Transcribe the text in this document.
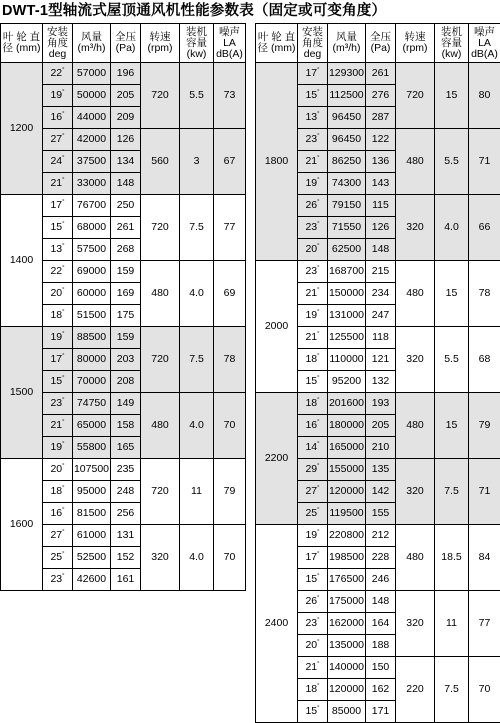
DWT-1型轴流式屋顶通风机性能参数表（固定或可变角度）
叶 轮 直 径 (mm)	安装 角度 deg	风量 (m³/h)	全压 (Pa)	转速 (rpm)	装机 容量 (kw)	噪声 LA dB(A)
1200	22°	57000	196	720	5.5	73
	19°	50000	205			
	16°	44000	209			
	27°	42000	126	560	3	67
	24°	37500	134			
	21°	33000	148			
1400	17°	76700	250	720	7.5	77
	15°	68000	261			
	13°	57500	268			
	22°	69000	159	480	4.0	69
	20°	60000	169			
	18°	51500	175			
1500	19°	88500	159	720	7.5	78
	17°	80000	203			
	15°	70000	208			
	23°	74750	149	480	4.0	70
	21°	65000	158			
	19°	55800	165			
1600	20°	107500	235	720	11	79
	18°	95000	248			
	16°	81500	256			
	27°	61000	131	320	4.0	70
	25°	52500	152			
	23°	42600	161			
叶 轮 直 径 (mm)	安装 角度 deg	风量 (m³/h)	全压 (Pa)	转速 (rpm)	装机 容量 (kw)	噪声 LA dB(A)
1800	17°	129300	261	720	15	80
	15°	112500	276			
	13°	96450	287			
	23°	96450	122	480	5.5	71
	21°	86250	136			
	19°	74300	143			
	26°	79150	115	320	4.0	66
	23°	71550	126			
	20°	62500	148			
2000	23°	168700	215	480	15	78
	21°	150000	234			
	19°	131000	247			
	21°	125500	118	320	5.5	68
	18°	110000	121			
	15°	95200	132			
2200	18°	201600	193	480	15	79
	16°	180000	205			
	14°	165000	210			
	29°	155000	135	320	7.5	71
	27°	120000	142			
	25°	119500	155			
2400	19°	220800	212	480	18.5	84
	17°	198500	228			
	15°	176500	246			
	26°	175000	148	320	11	77
	23°	162000	164			
	20°	135000	188			
	21°	140000	150	220	7.5	70
	18°	120000	162			
	15°	85000	171			
